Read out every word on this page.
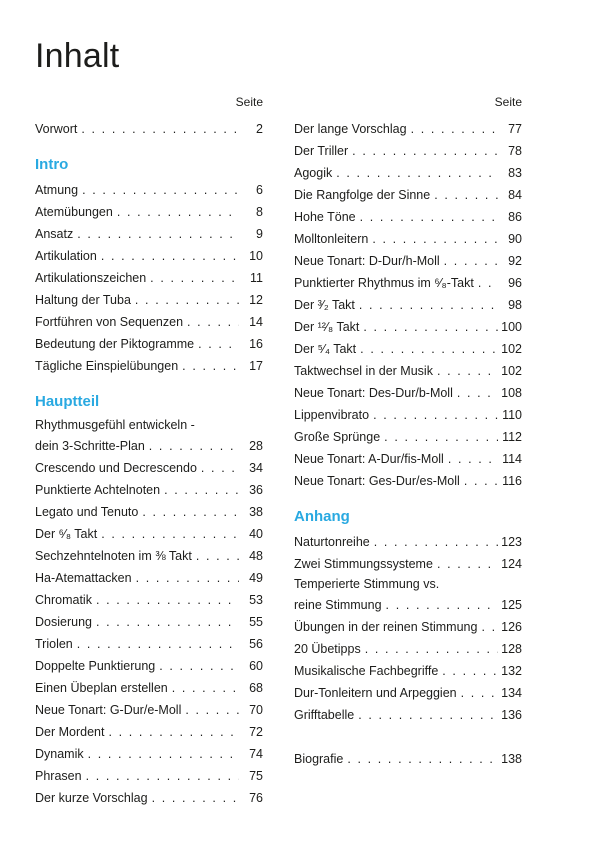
Inhalt
Seite
Vorwort . . .	2
Intro
Atmung . . .	6
Atemübungen . . .	8
Ansatz . . .	9
Artikulation . . .	10
Artikulationszeichen . . .	11
Haltung der Tuba . . .	12
Fortführen von Sequenzen . . .	14
Bedeutung der Piktogramme . . .	16
Tägliche Einspielübungen . . .	17
Hauptteil
Rhythmusgefühl entwickeln -
dein 3-Schritte-Plan . . .	28
Crescendo und Decrescendo . . .	34
Punktierte Achtelnoten . . .	36
Legato und Tenuto . . .	38
Der ⁶⁄₈ Takt . . .	40
Sechzehntelnoten im ⅜ Takt . . .	48
Ha-Atemattacken . . .	49
Chromatik . . .	53
Dosierung . . .	55
Triolen . . .	56
Doppelte Punktierung . . .	60
Einen Übeplan erstellen . . .	68
Neue Tonart: G-Dur/e-Moll . . .	70
Der Mordent . . .	72
Dynamik . . .	74
Phrasen . . .	75
Der kurze Vorschlag . . .	76
Seite
Der lange Vorschlag . . .	77
Der Triller . . .	78
Agogik . . .	83
Die Rangfolge der Sinne . . .	84
Hohe Töne . . .	86
Molltonleitern . . .	90
Neue Tonart: D-Dur/h-Moll . . .	92
Punktierter Rhythmus im ⁶⁄₈-Takt . . .	96
Der ³⁄₂ Takt . . .	98
Der ¹²⁄₈ Takt . . .	100
Der ⁵⁄₄ Takt . . .	102
Taktwechsel in der Musik . . .	102
Neue Tonart: Des-Dur/b-Moll . . .	108
Lippenvibrato . . .	110
Große Sprünge . . .	112
Neue Tonart: A-Dur/fis-Moll . . .	114
Neue Tonart: Ges-Dur/es-Moll . . .	116
Anhang
Naturtonreihe . . .	123
Zwei Stimmungssysteme . . .	124
Temperierte Stimmung vs.
reine Stimmung . . .	125
Übungen in der reinen Stimmung . . . 126
20 Übetipps . . .	128
Musikalische Fachbegriffe . . .	132
Dur-Tonleitern und Arpeggien . . .	134
Grifftabelle . . .	136
Biografie . . .	138
